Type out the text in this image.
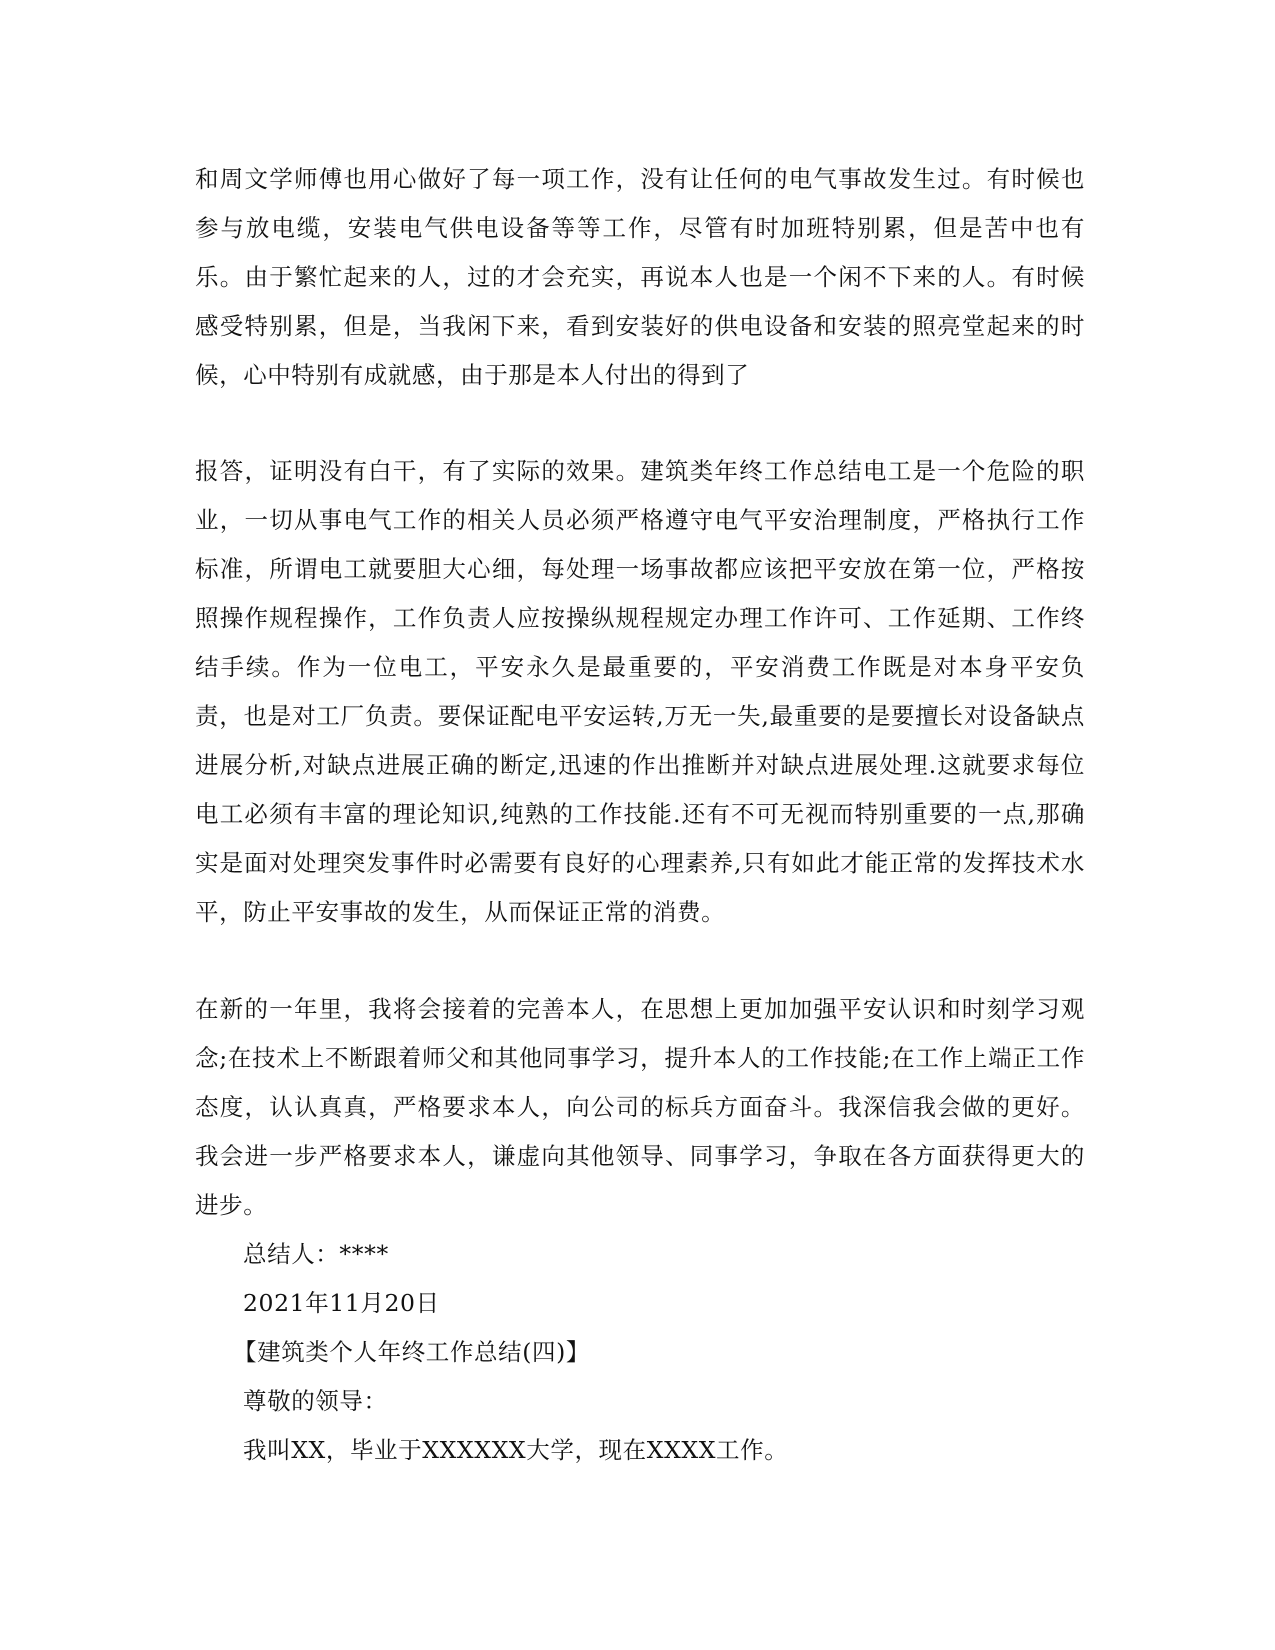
和周文学师傅也用心做好了每一项工作，没有让任何的电气事故发生过。有时候也参与放电缆，安装电气供电设备等等工作，尽管有时加班特别累，但是苦中也有乐。由于繁忙起来的人，过的才会充实，再说本人也是一个闲不下来的人。有时候感受特别累，但是，当我闲下来，看到安装好的供电设备和安装的照亮堂起来的时候，心中特别有成就感，由于那是本人付出的得到了

报答，证明没有白干，有了实际的效果。建筑类年终工作总结电工是一个危险的职业，一切从事电气工作的相关人员必须严格遵守电气平安治理制度，严格执行工作标准，所谓电工就要胆大心细，每处理一场事故都应该把平安放在第一位，严格按照操作规程操作，工作负责人应按操纵规程规定办理工作许可、工作延期、工作终结手续。作为一位电工，平安永久是最重要的，平安消费工作既是对本身平安负责，也是对工厂负责。要保证配电平安运转,万无一失,最重要的是要擅长对设备缺点进展分析,对缺点进展正确的断定,迅速的作出推断并对缺点进展处理.这就要求每位电工必须有丰富的理论知识,纯熟的工作技能.还有不可无视而特别重要的一点,那确实是面对处理突发事件时必需要有良好的心理素养,只有如此才能正常的发挥技术水平，防止平安事故的发生，从而保证正常的消费。

在新的一年里，我将会接着的完善本人，在思想上更加加强平安认识和时刻学习观念;在技术上不断跟着师父和其他同事学习，提升本人的工作技能;在工作上端正工作态度，认认真真，严格要求本人，向公司的标兵方面奋斗。我深信我会做的更好。我会进一步严格要求本人，谦虚向其他领导、同事学习，争取在各方面获得更大的进步。

总结人：****

2021年11月20日

【建筑类个人年终工作总结(四)】

尊敬的领导：

我叫XX，毕业于XXXXXX大学，现在XXXX工作。
